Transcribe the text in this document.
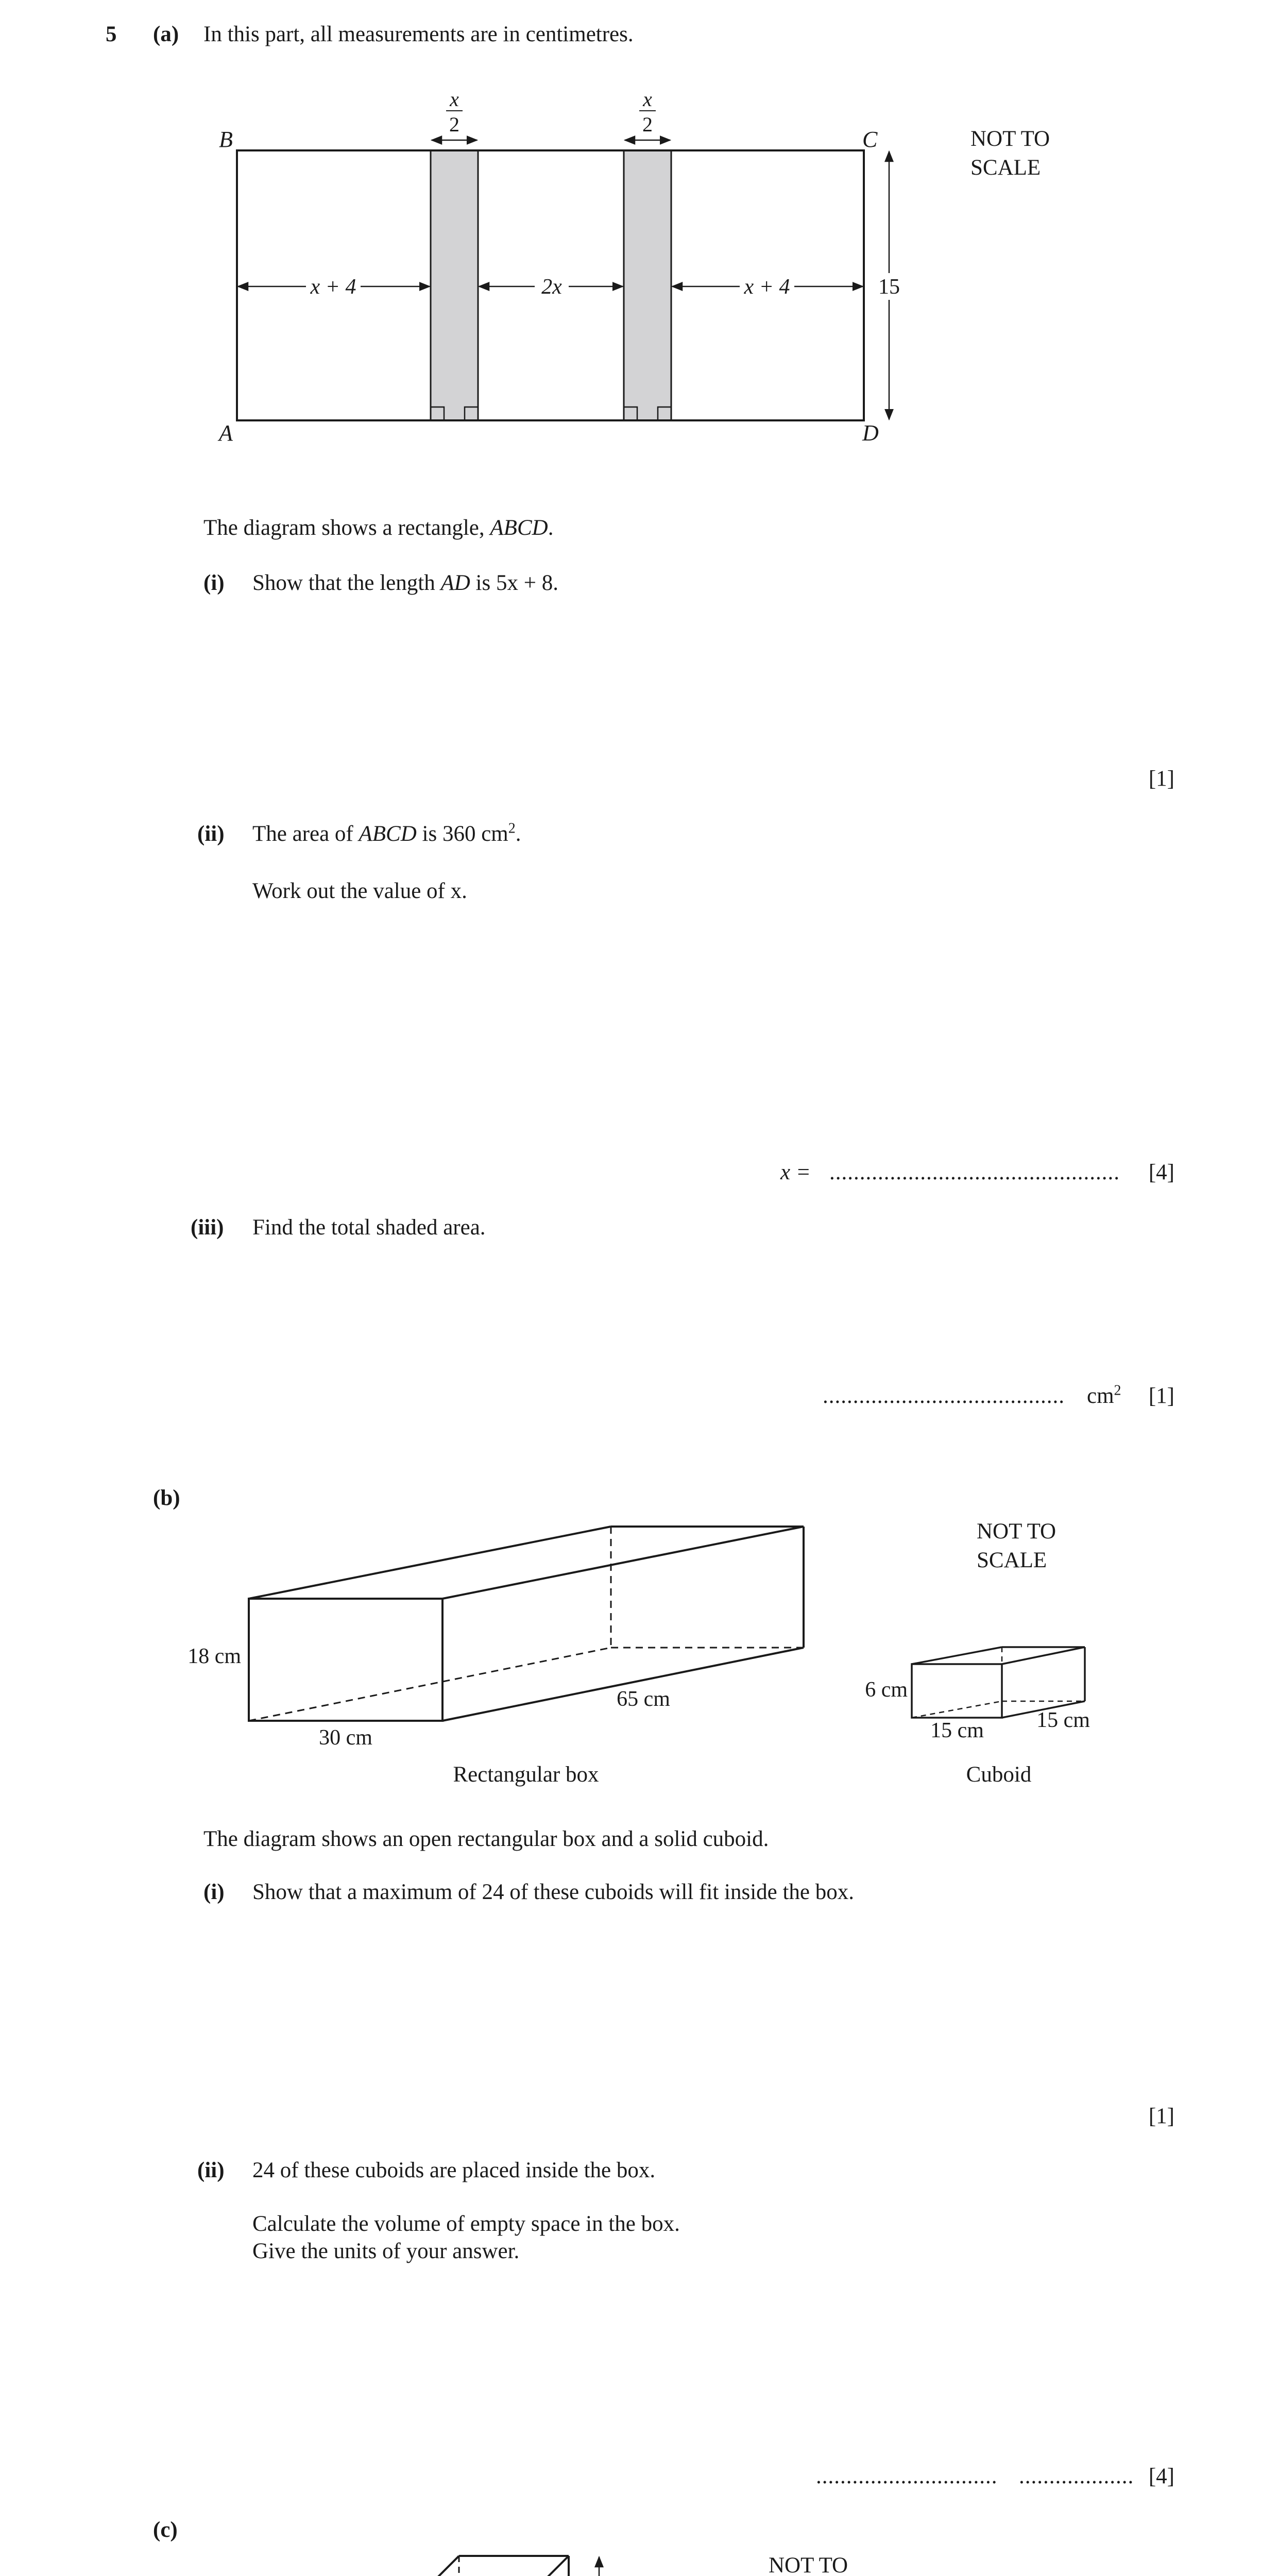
5 (a) In this part, all measurements are in centimetres.
x
2
x
2
x + 4	2x	x + 4	15
B	C
A	D
NOT TO
SCALE
The diagram shows a rectangle, ABCD.
(i) Show that the length AD is 5x + 8.
[1]
(ii) The area of ABCD is 360 $cm^2$.
Work out the value of x.
x = ................................................	[4]
(iii) Find the total shaded area.
........................................ $cm^2$	[1]
(b)
18 cm
30 cm
65 cm
Rectangular box
6 cm
15 cm 15 cm
Cuboid
NOT TO
SCALE
The diagram shows an open rectangular box and a solid cuboid.
(i) Show that a maximum of 24 of these cuboids will fit inside the box.
[1]
(ii) 24 of these cuboids are placed inside the box.
Calculate the volume of empty space in the box.
Give the units of your answer.
.............................. ................... [4]
(c)
NOT TO
